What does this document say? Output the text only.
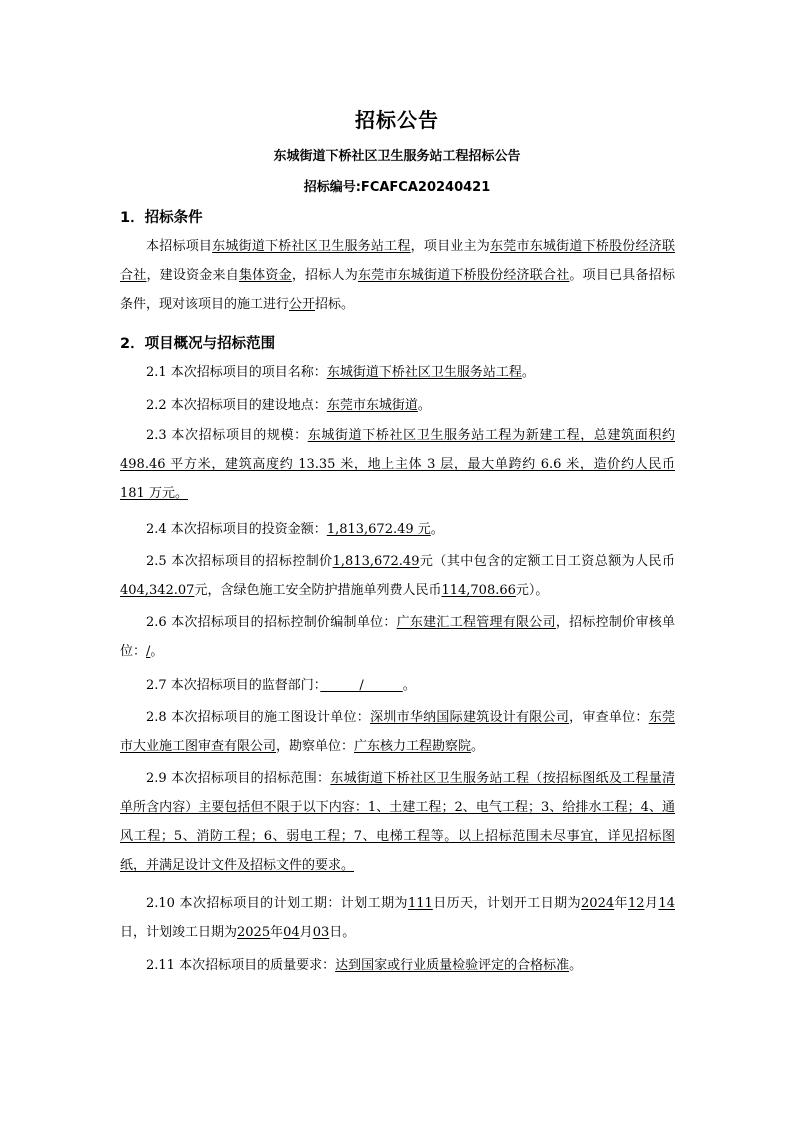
招标公告
东城街道下桥社区卫生服务站工程招标公告
招标编号:FCAFCA20240421
1．招标条件
本招标项目东城街道下桥社区卫生服务站工程，项目业主为东莞市东城街道下桥股份经济联合社，建设资金来自集体资金，招标人为东莞市东城街道下桥股份经济联合社。项目已具备招标条件，现对该项目的施工进行公开招标。
2．项目概况与招标范围
2.1 本次招标项目的项目名称：东城街道下桥社区卫生服务站工程。
2.2 本次招标项目的建设地点：东莞市东城街道。
2.3 本次招标项目的规模：东城街道下桥社区卫生服务站工程为新建工程，总建筑面积约 498.46 平方米，建筑高度约 13.35 米，地上主体 3 层，最大单跨约 6.6 米，造价约人民币 181 万元。
2.4 本次招标项目的投资金额：1,813,672.49 元。
2.5 本次招标项目的招标控制价1,813,672.49元（其中包含的定额工日工资总额为人民币404,342.07元，含绿色施工安全防护措施单列费人民币114,708.66元）。
2.6 本次招标项目的招标控制价编制单位：广东建汇工程管理有限公司，招标控制价审核单位：/。
2.7 本次招标项目的监督部门：　　　/　　　。
2.8 本次招标项目的施工图设计单位：深圳市华纳国际建筑设计有限公司，审查单位：东莞市大业施工图审查有限公司，勘察单位：广东核力工程勘察院。
2.9 本次招标项目的招标范围：东城街道下桥社区卫生服务站工程（按招标图纸及工程量清单所含内容）主要包括但不限于以下内容：1、土建工程；2、电气工程；3、给排水工程；4、通风工程；5、消防工程；6、弱电工程；7、电梯工程等。以上招标范围未尽事宜，详见招标图纸，并满足设计文件及招标文件的要求。
2.10 本次招标项目的计划工期：计划工期为111日历天，计划开工日期为2024年12月14日，计划竣工日期为2025年04月03日。
2.11 本次招标项目的质量要求：达到国家或行业质量检验评定的合格标准。
